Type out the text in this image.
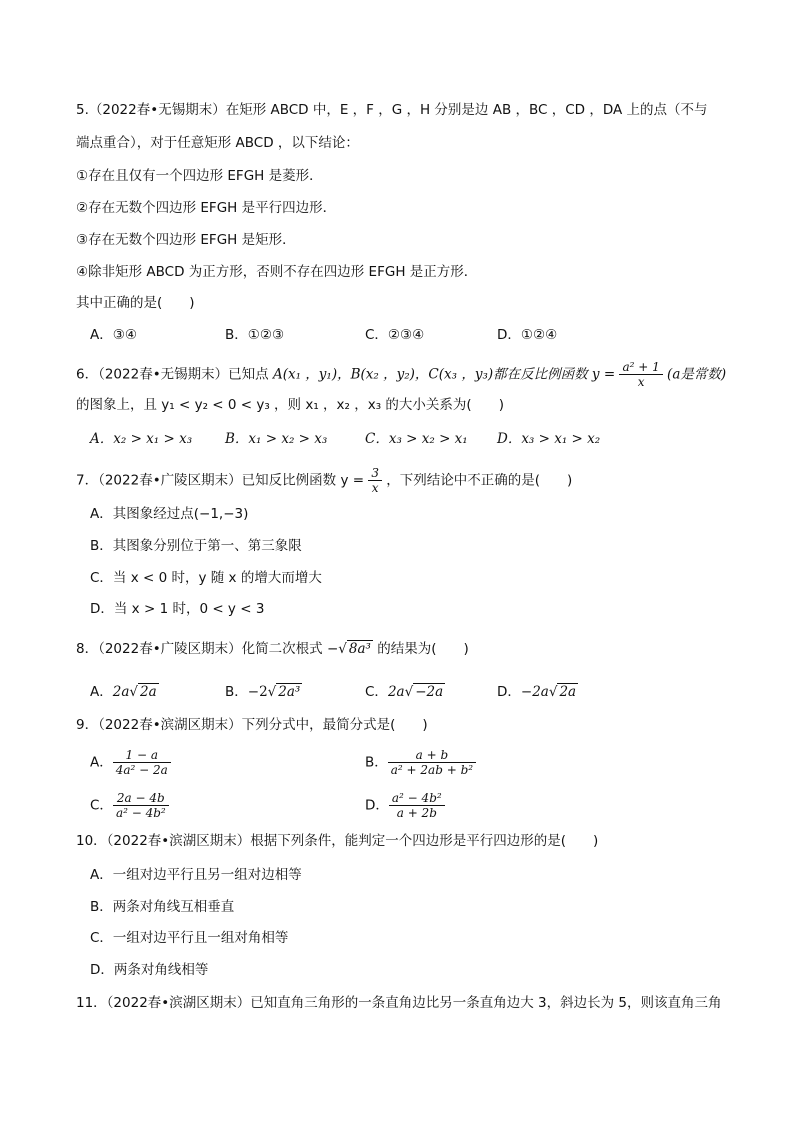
5.（2022春•无锡期末）在矩形 ABCD 中，E ，F ，G ，H 分别是边 AB ，BC ，CD ，DA 上的点（不与
端点重合），对于任意矩形 ABCD ，以下结论：
①存在且仅有一个四边形 EFGH 是菱形．
②存在无数个四边形 EFGH 是平行四边形．
③存在无数个四边形 EFGH 是矩形．
④除非矩形 ABCD 为正方形，否则不存在四边形 EFGH 是正方形．
其中正确的是(　　)
A．③④	B．①②③	C．②③④	D．①②④
6．（2022春•无锡期末）已知点 A(x₁ ，y₁)，B(x₂ ，y₂)，C(x₃ ，y₃)都在反比例函数 $y = \frac{\text{a² + 1}}{x} (a$是常数)
的图象上，且 y₁ < y₂ < 0 < y₃ ，则 x₁ ，x₂ ，x₃ 的大小关系为(　　)
A．x₂ > x₁ > x₃ B．x₁ > x₂ > x₃	C．x₃ > x₂ > x₁ D．x₃ > x₁ > x₂
7．（2022春•广陵区期末）已知反比例函数 $y = \frac{3}{x}$ ，下列结论中不正确的是(　　)
A．其图象经过点(−1,−3)
B．其图象分别位于第一、第三象限
C．当 x < 0 时，y 随 x 的增大而增大
D．当 x > 1 时，0 < y < 3
8．（2022春•广陵区期末）化简二次根式 −√ 8a³ 的结果为(　　)
A．2a√ 2a	B．−2√ 2a³	C．2a√ −2a	D．−2a√ 2a
9．（2022春•滨湖区期末）下列分式中，最简分式是(　　)
A． $\frac{1 - a}{\text{4a² − 2a}}$	B． $\frac{a + b}{\text{a² + 2ab + b²}}$
C． $\frac{2a - 4b}{\text{a² − 4b²}}$	D． $\frac{\text{a² − 4b²}}{a + 2b}$
10．（2022春•滨湖区期末）根据下列条件，能判定一个四边形是平行四边形的是(　　)
A．一组对边平行且另一组对边相等
B．两条对角线互相垂直
C．一组对边平行且一组对角相等
D．两条对角线相等
11．（2022春•滨湖区期末）已知直角三角形的一条直角边比另一条直角边大 3，斜边长为 5，则该直角三角
